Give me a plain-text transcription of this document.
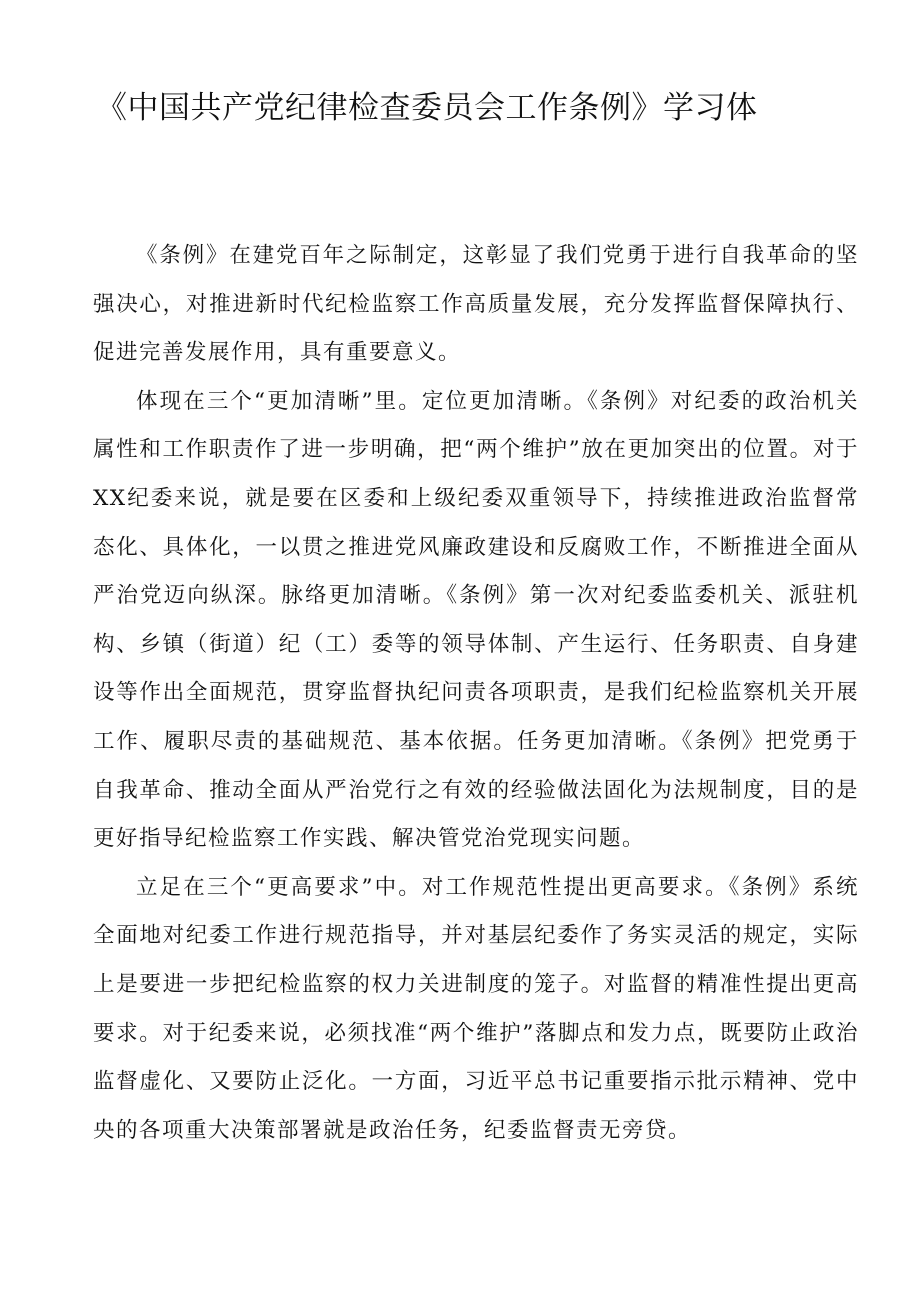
《中国共产党纪律检查委员会工作条例》学习体

《条例》在建党百年之际制定，这彰显了我们党勇于进行自我革命的坚强决心，对推进新时代纪检监察工作高质量发展，充分发挥监督保障执行、促进完善发展作用，具有重要意义。

体现在三个“更加清晰”里。定位更加清晰。《条例》对纪委的政治机关属性和工作职责作了进一步明确，把“两个维护”放在更加突出的位置。对于XX纪委来说，就是要在区委和上级纪委双重领导下，持续推进政治监督常态化、具体化，一以贯之推进党风廉政建设和反腐败工作，不断推进全面从严治党迈向纵深。脉络更加清晰。《条例》第一次对纪委监委机关、派驻机构、乡镇（街道）纪（工）委等的领导体制、产生运行、任务职责、自身建设等作出全面规范，贯穿监督执纪问责各项职责，是我们纪检监察机关开展工作、履职尽责的基础规范、基本依据。任务更加清晰。《条例》把党勇于自我革命、推动全面从严治党行之有效的经验做法固化为法规制度，目的是更好指导纪检监察工作实践、解决管党治党现实问题。

立足在三个“更高要求”中。对工作规范性提出更高要求。《条例》系统全面地对纪委工作进行规范指导，并对基层纪委作了务实灵活的规定，实际上是要进一步把纪检监察的权力关进制度的笼子。对监督的精准性提出更高要求。对于纪委来说，必须找准“两个维护”落脚点和发力点，既要防止政治监督虚化、又要防止泛化。一方面，习近平总书记重要指示批示精神、党中央的各项重大决策部署就是政治任务，纪委监督责无旁贷。
